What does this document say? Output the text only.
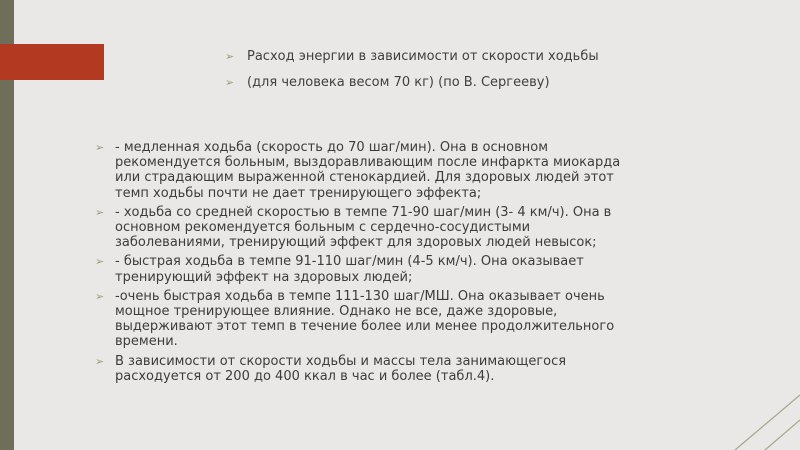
➢ Расход энергии в зависимости от скорости ходьбы
➢ (для человека весом 70 кг) (по В. Сергееву)
➢ - медленная ходьба (скорость до 70 шаг/мин). Она в основном рекомендуется больным, выздоравливающим после инфаркта миокарда или страдающим выраженной стенокардией. Для здоровых людей этот темп ходьбы почти не дает тренирующего эффекта;
➢ - ходьба со средней скоростью в темпе 71-90 шаг/мин (3- 4 км/ч). Она в основном рекомендуется больным с сердечно-сосудистыми заболеваниями, тренирующий эффект для здоровых людей невысок;
➢ - быстрая ходьба в темпе 91-110 шаг/мин (4-5 км/ч). Она оказывает тренирующий эффект на здоровых людей;
➢ -очень быстрая ходьба в темпе 111-130 шаг/МШ. Она оказывает очень мощное тренирующее влияние. Однако не все, даже здоровые, выдерживают этот темп в течение более или менее продолжительного времени.
➢ В зависимости от скорости ходьбы и массы тела занимающегося расходуется от 200 до 400 ккал в час и более (табл.4).
